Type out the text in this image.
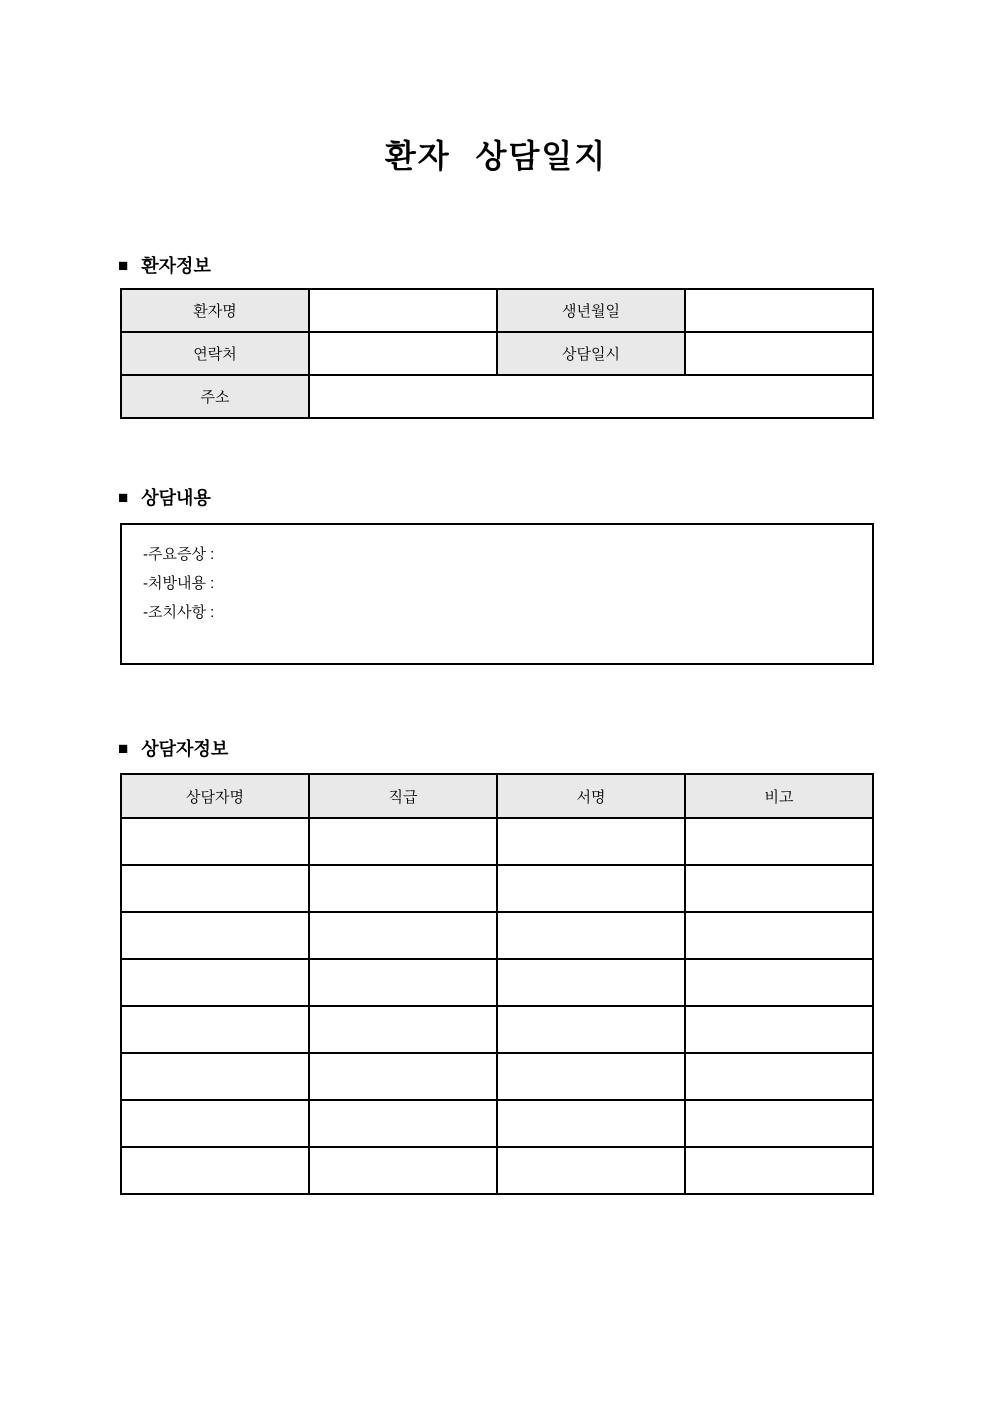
환자 상담일지
■ 환자정보
환자명		생년월일	
연락처		상담일시	
주소			
■ 상담내용
-주요증상 :
-처방내용 :
-조치사항 :
■ 상담자정보
상담자명	직급	서명	비고
